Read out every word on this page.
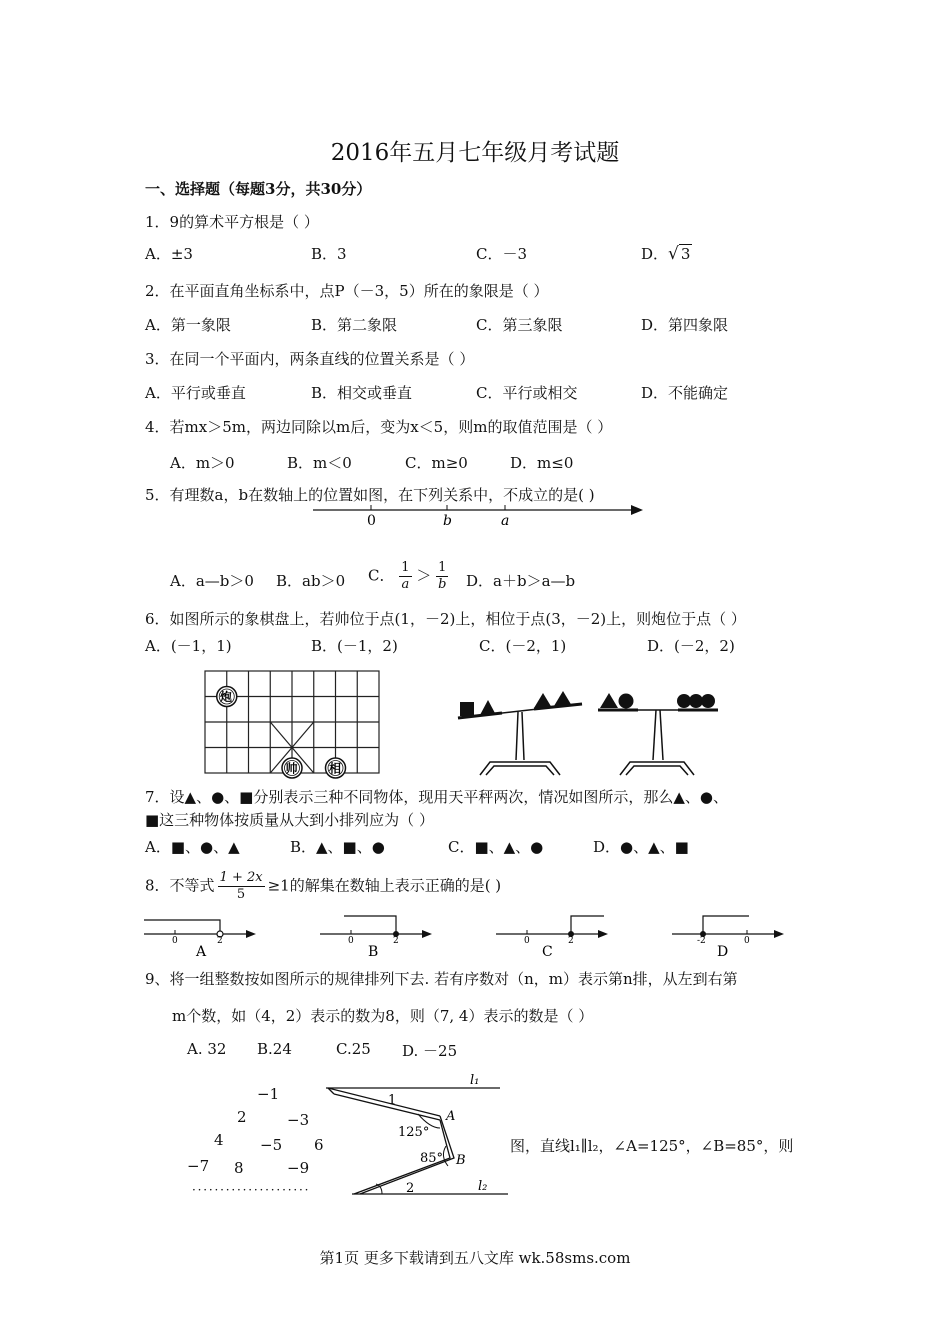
2016年五月七年级月考试题
一、选择题（每题3分，共30分）
1．9的算术平方根是（ ）
A．±3	B．3	C．－3	D．√ 3
2．在平面直角坐标系中，点P（－3，5）所在的象限是（ ）
A．第一象限	B．第二象限	C．第三象限	D．第四象限
3．在同一个平面内，两条直线的位置关系是（ ）
A．平行或垂直	B．相交或垂直	C．平行或相交	D．不能确定
4．若mx＞5m，两边同除以m后，变为x＜5，则m的取值范围是（ ）
A．m＞0	B．m＜0	C．m≥0	D．m≤0
5．有理数a，b在数轴上的位置如图，在下列关系中，不成立的是( )
0	b	a
A．a—b＞0 B．ab＞0 C． $\frac{1}{a} > \frac{1}{b}$ D．a＋b＞a—b
6．如图所示的象棋盘上，若帅位于点(1，－2)上，相位于点(3，－2)上，则炮位于点（ ）
A．(－1，1)	B．(－1，2)	C．(－2，1)	D．(－2，2)
炮
帅	相
7．设▲、●、■分别表示三种不同物体，现用天平秤两次，情况如图所示，那么▲、●、
■这三种物体按质量从大到小排列应为（ ）
A．■、●、▲	B．▲、■、●	C．■、▲、●	D．●、▲、■
8．不等式 $\frac{1 + 2x}{5} \ge 1$的解集在数轴上表示正确的是( )
0	2
A
0	2
B
0	2
C
-2	0
D
9、将一组整数按如图所示的规律排列下去. 若有序数对（n，m）表示第n排，从左到右第
m个数，如（4，2）表示的数为8，则（7, 4）表示的数是（ ）
A. 32 B.24	C.25 D. －25
−1
2	−3
4 −5 6
−7 8	−9
· · · · · · · · · · · · · · · · · · · · ·
l₁
l₂
A
B
1
2
125°
85°
图，直线l₁∥l₂，∠A=125°，∠B=85°，则
第1页 更多下载请到五八文库 wk.58sms.com
